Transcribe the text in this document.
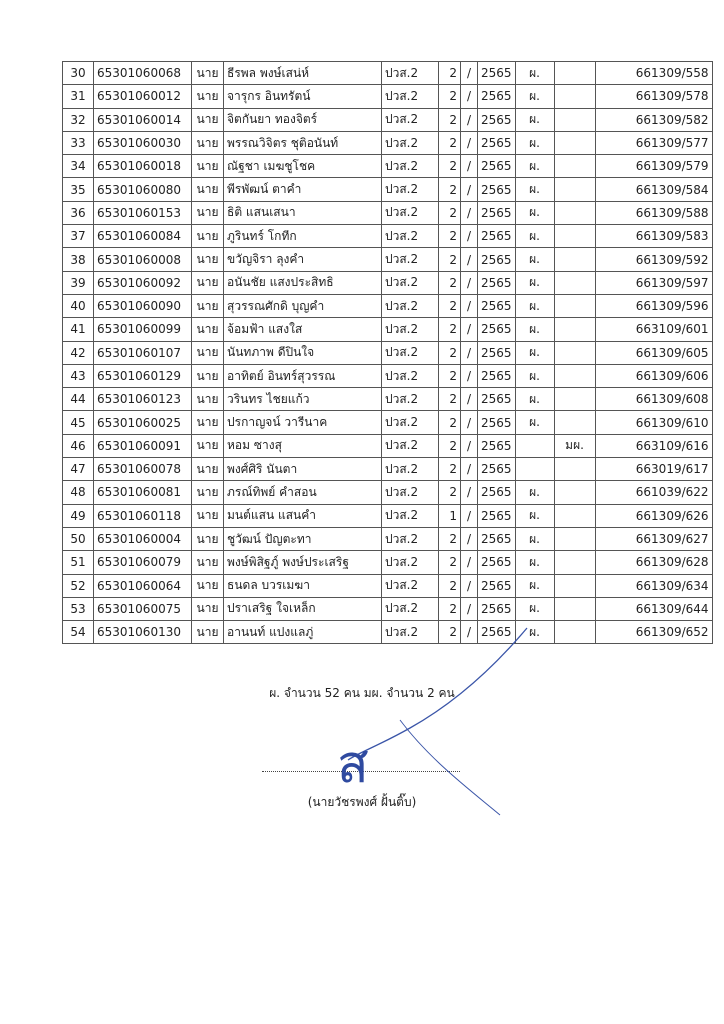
30	65301060068	นาย	ธีรพล พงษ์เสน่ห์	ปวส.2	2	/	2565	ผ.		661309/558
31	65301060012	นาย	จารุกร อินทรัตน์	ปวส.2	2	/	2565	ผ.		661309/578
32	65301060014	นาย	จิตกันยา ทองจิตร์	ปวส.2	2	/	2565	ผ.		661309/582
33	65301060030	นาย	พรรณวิจิตร ชุติอนันท์	ปวส.2	2	/	2565	ผ.		661309/577
34	65301060018	นาย	ณัฐชา เมฆชูโชค	ปวส.2	2	/	2565	ผ.		661309/579
35	65301060080	นาย	พีรพัฒน์ ตาคำ	ปวส.2	2	/	2565	ผ.		661309/584
36	65301060153	นาย	ธิติ แสนเสนา	ปวส.2	2	/	2565	ผ.		661309/588
37	65301060084	นาย	ภูรินทร์ โกทีก	ปวส.2	2	/	2565	ผ.		661309/583
38	65301060008	นาย	ขวัญจิรา ลุงคำ	ปวส.2	2	/	2565	ผ.		661309/592
39	65301060092	นาย	อนันชัย แสงประสิทธิ	ปวส.2	2	/	2565	ผ.		661309/597
40	65301060090	นาย	สุวรรณศักดิ บุญคำ	ปวส.2	2	/	2565	ผ.		661309/596
41	65301060099	นาย	จ้อมฟ้า แสงใส	ปวส.2	2	/	2565	ผ.		663109/601
42	65301060107	นาย	นันทภาพ ดีปินใจ	ปวส.2	2	/	2565	ผ.		661309/605
43	65301060129	นาย	อาทิตย์ อินทร์สุวรรณ	ปวส.2	2	/	2565	ผ.		661309/606
44	65301060123	นาย	วรินทร ไชยแก้ว	ปวส.2	2	/	2565	ผ.		661309/608
45	65301060025	นาย	ปรกาญจน์ วารีนาค	ปวส.2	2	/	2565	ผ.		661309/610
46	65301060091	นาย	หอม ซางสุ	ปวส.2	2	/	2565		มผ.	663109/616
47	65301060078	นาย	พงศ์ศิริ นันตา	ปวส.2	2	/	2565			663019/617
48	65301060081	นาย	ภรณ์ทิพย์ คำสอน	ปวส.2	2	/	2565	ผ.		661039/622
49	65301060118	นาย	มนต์แสน แสนคำ	ปวส.2	1	/	2565	ผ.		661309/626
50	65301060004	นาย	ชูวัฒน์ ปัญตะทา	ปวส.2	2	/	2565	ผ.		661309/627
51	65301060079	นาย	พงษ์พิสิฐภู์ พงษ์ประเสริฐ	ปวส.2	2	/	2565	ผ.		661309/628
52	65301060064	นาย	ธนดล บวรเมฆา	ปวส.2	2	/	2565	ผ.		661309/634
53	65301060075	นาย	ปราเสริฐ ใจเหล็ก	ปวส.2	2	/	2565	ผ.		661309/644
54	65301060130	นาย	อานนท์ แปงแลภู่	ปวส.2	2	/	2565	ผ.		661309/652
ผ. จำนวน 52 คน มผ. จำนวน 2 คน
(นายวัชรพงศ์ ฝั้นติ๊บ)
ส
